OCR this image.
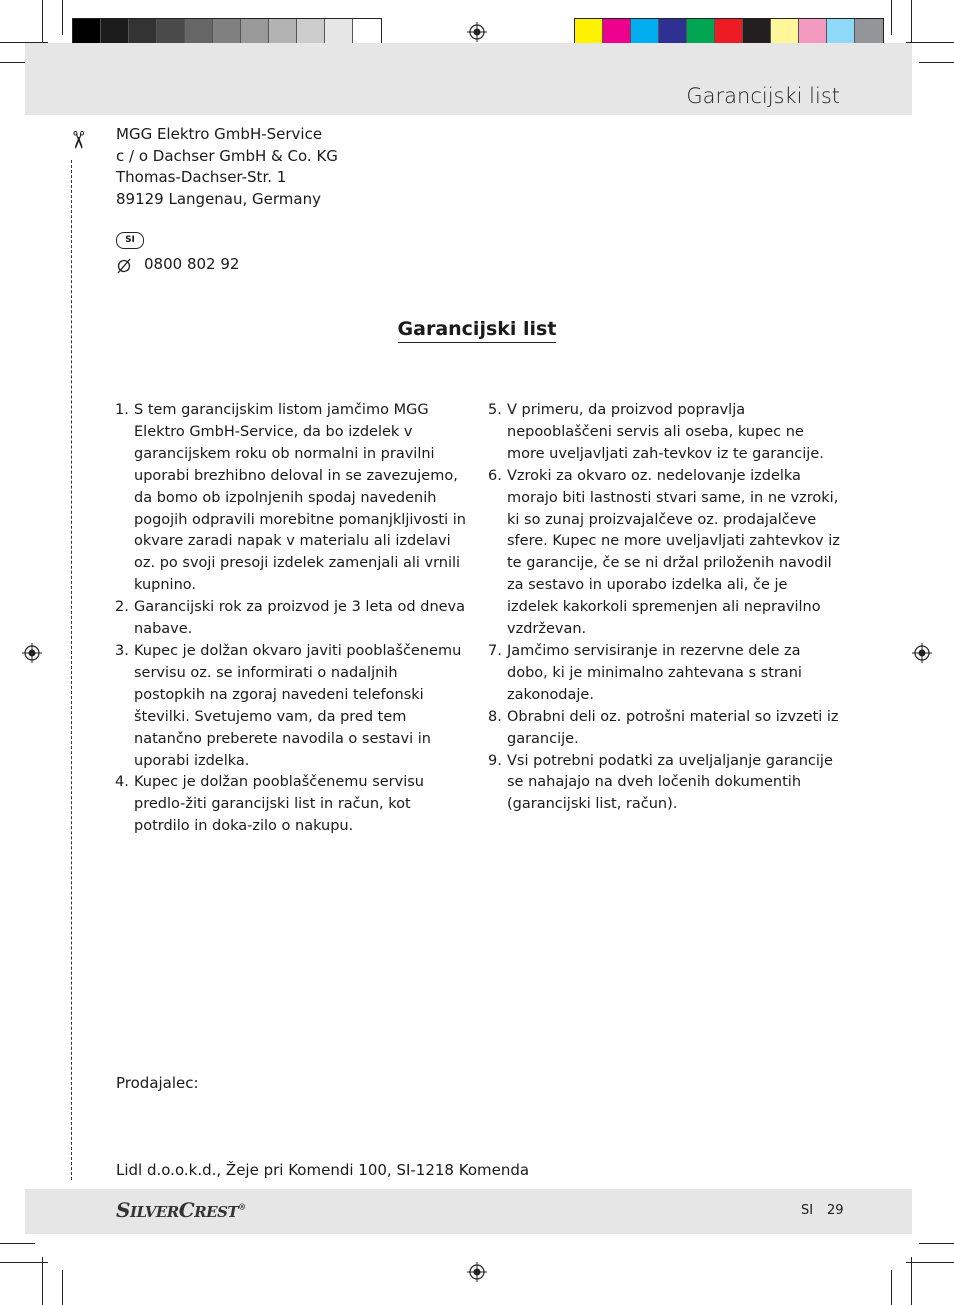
Garancijski list
✂ MGG Elektro GmbH-Service
c / o Dachser GmbH & Co. KG
Thomas-Dachser-Str. 1
89129 Langenau, Germany
SI
0800 802 92
Garancijski list
1. S tem garancijskim listom jamčimo MGG Elektro GmbH-Service, da bo izdelek v garancijskem roku ob normalni in pravilni uporabi brezhibno deloval in se zavezujemo, da bomo ob izpolnjenih spodaj navedenih pogojih odpravili morebitne pomanjkljivosti in okvare zaradi napak v materialu ali izdelavi oz. po svoji presoji izdelek zamenjali ali vrnili kupnino.
2. Garancijski rok za proizvod je 3 leta od dneva nabave.
3. Kupec je dolžan okvaro javiti pooblaščenemu servisu oz. se informirati o nadaljnih postopkih na zgoraj navedeni telefonski številki. Svetujemo vam, da pred tem natančno preberete navodila o sestavi in uporabi izdelka.
4. Kupec je dolžan pooblaščenemu servisu predlo-žiti garancijski list in račun, kot potrdilo in doka-zilo o nakupu.
5. V primeru, da proizvod popravlja nepooblaščeni servis ali oseba, kupec ne more uveljavljati zah-tevkov iz te garancije.
6. Vzroki za okvaro oz. nedelovanje izdelka morajo biti lastnosti stvari same, in ne vzroki, ki so zunaj proizvajalčeve oz. prodajalčeve sfere. Kupec ne more uveljavljati zahtevkov iz te garancije, če se ni držal priloženih navodil za sestavo in uporabo izdelka ali, če je izdelek kakorkoli spremenjen ali nepravilno vzdrževan.
7. Jamčimo servisiranje in rezervne dele za dobo, ki je minimalno zahtevana s strani zakonodaje.
8. Obrabni deli oz. potrošni material so izvzeti iz garancije.
9. Vsi potrebni podatki za uveljaljanje garancije se nahajajo na dveh ločenih dokumentih (garancijski list, račun).
Prodajalec:
Lidl d.o.o.k.d., Žeje pri Komendi 100, SI-1218 Komenda
SILVERCREST®	SI 29
